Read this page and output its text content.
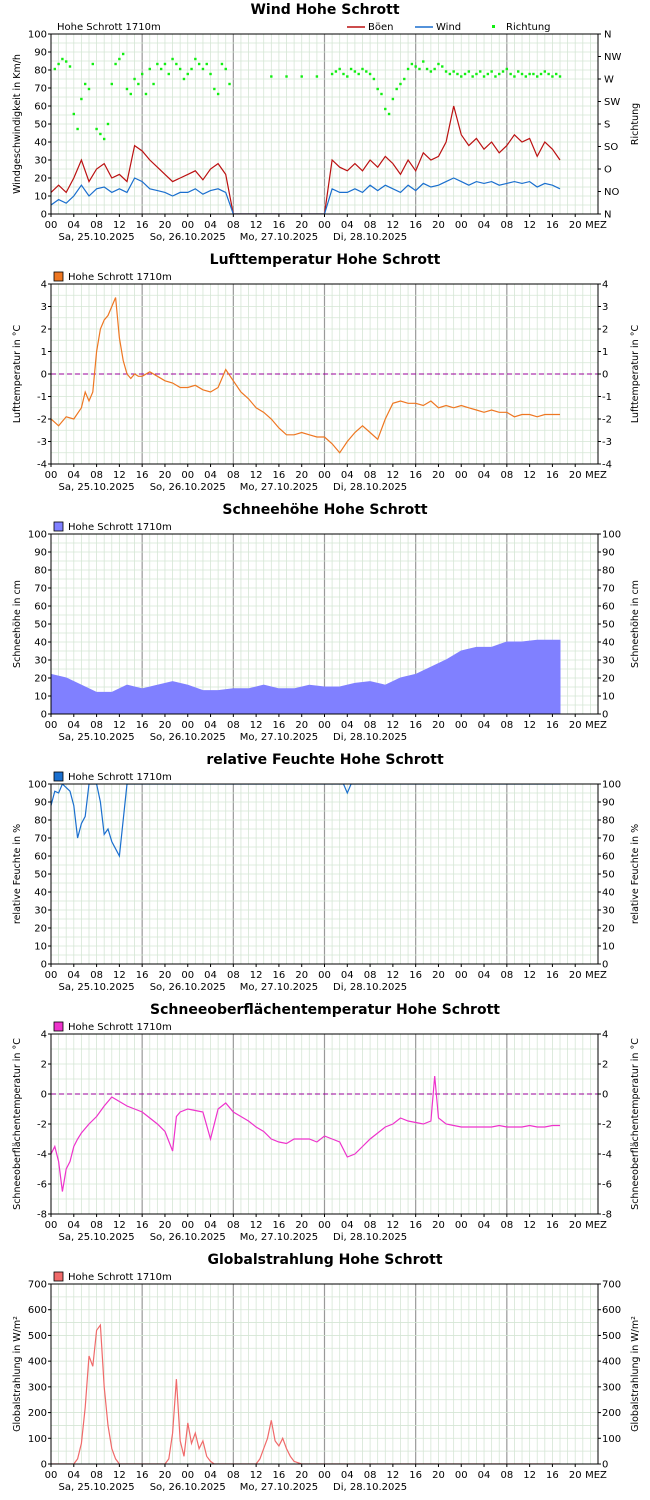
Wind Hohe Schrott
0
10
20
30
40
50
60
70
80
90
100
N
NO
O
SO
S
SW
W
NW
N
00 04 08 12 16 20 00 04 08 12 16 20 00 04 08 12 16 20 00 04 08 12 16 20 MEZ
Sa, 25.10.2025 So, 26.10.2025 Mo, 27.10.2025 Di, 28.10.2025
Windgeschwindigkeit in Km/h	Richtung
Hohe Schrott 1710m	Böen	Wind	Richtung
Lufttemperatur Hohe Schrott
-4	-4
-3	-3
-2	-2
-1	-1
0	0
1	1
2	2
3	3
4	4
00 04 08 12 16 20 00 04 08 12 16 20 00 04 08 12 16 20 00 04 08 12 16 20 MEZ
Sa, 25.10.2025 So, 26.10.2025 Mo, 27.10.2025 Di, 28.10.2025
Lufttemperatur in °C	Lufttemperatur in °C
Hohe Schrott 1710m
Schneehöhe Hohe Schrott
0	0
10	10
20	20
30	30
40	40
50	50
60	60
70	70
80	80
90	90
100	100
00 04 08 12 16 20 00 04 08 12 16 20 00 04 08 12 16 20 00 04 08 12 16 20 MEZ
Sa, 25.10.2025 So, 26.10.2025 Mo, 27.10.2025 Di, 28.10.2025
Schneehöhe in cm	Schneehöhe in cm
Hohe Schrott 1710m
relative Feuchte Hohe Schrott
0	0
10	10
20	20
30	30
40	40
50	50
60	60
70	70
80	80
90	90
100	100
00 04 08 12 16 20 00 04 08 12 16 20 00 04 08 12 16 20 00 04 08 12 16 20 MEZ
Sa, 25.10.2025 So, 26.10.2025 Mo, 27.10.2025 Di, 28.10.2025
relative Feuchte in %	relative Feuchte in %
Hohe Schrott 1710m
Schneeoberflächentemperatur Hohe Schrott
-8	-8
-6	-6
-4	-4
-2	-2
0	0
2	2
4	4
00 04 08 12 16 20 00 04 08 12 16 20 00 04 08 12 16 20 00 04 08 12 16 20 MEZ
Sa, 25.10.2025 So, 26.10.2025 Mo, 27.10.2025 Di, 28.10.2025
Schneeoberflächentemperatur in °C	Schneeoberflächentemperatur in °C
Hohe Schrott 1710m
Globalstrahlung Hohe Schrott
0	0
100	100
200	200
300	300
400	400
500	500
600	600
700	700
00 04 08 12 16 20 00 04 08 12 16 20 00 04 08 12 16 20 00 04 08 12 16 20 MEZ
Sa, 25.10.2025 So, 26.10.2025 Mo, 27.10.2025 Di, 28.10.2025
Globalstrahlung in W/m²	Globalstrahlung in W/m²
Hohe Schrott 1710m
